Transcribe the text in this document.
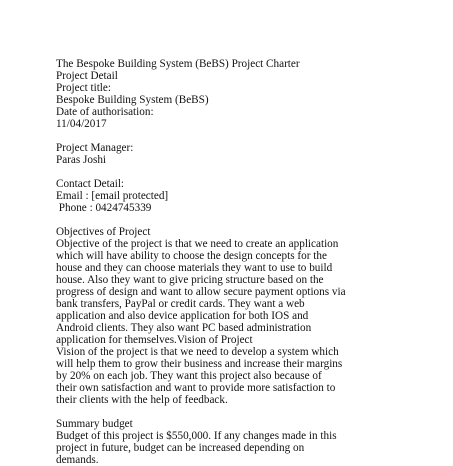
The Bespoke Building System (BeBS) Project Charter
Project Detail
Project title:
Bespoke Building System (BeBS)
Date of authorisation:
11/04/2017
Project Manager:
Paras Joshi
Contact Detail:
Email : [email protected]
Phone : 0424745339
Objectives of Project
Objective of the project is that we need to create an application
which will have ability to choose the design concepts for the
house and they can choose materials they want to use to build
house. Also they want to give pricing structure based on the
progress of design and want to allow secure payment options via
bank transfers, PayPal or credit cards. They want a web
application and also device application for both IOS and
Android clients. They also want PC based administration
application for themselves.Vision of Project
Vision of the project is that we need to develop a system which
will help them to grow their business and increase their margins
by 20% on each job. They want this project also because of
their own satisfaction and want to provide more satisfaction to
their clients with the help of feedback.
Summary budget
Budget of this project is $550,000. If any changes made in this
project in future, budget can be increased depending on
demands.
